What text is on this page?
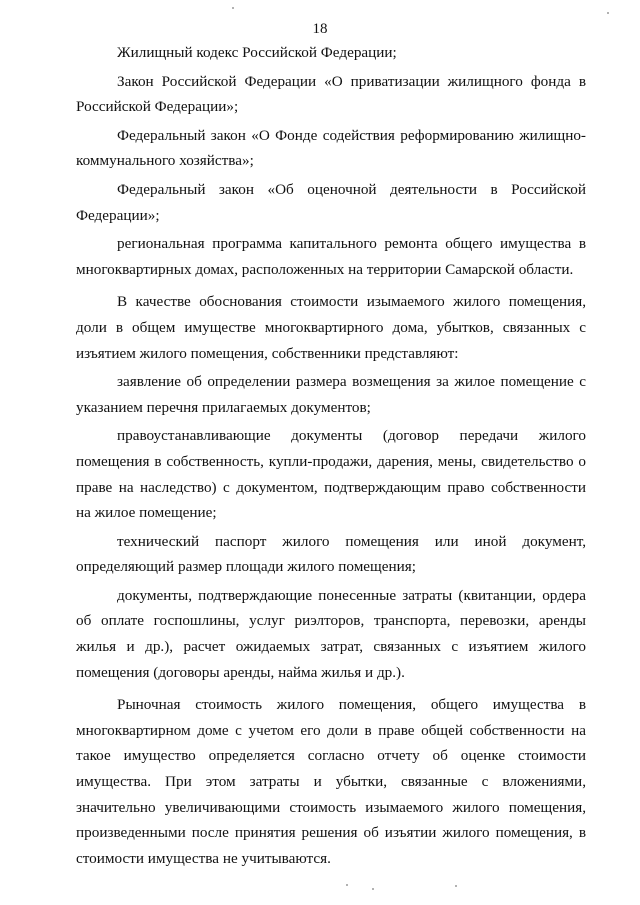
18

Жилищный кодекс Российской Федерации;

Закон Российской Федерации «О приватизации жилищного фонда в Российской Федерации»;

Федеральный закон «О Фонде содействия реформированию жилищно-коммунального хозяйства»;

Федеральный закон «Об оценочной деятельности в Российской Федерации»;

региональная программа капитального ремонта общего имущества в многоквартирных домах, расположенных на территории Самарской области.

В качестве обоснования стоимости изымаемого жилого помещения, доли в общем имуществе многоквартирного дома, убытков, связанных с изъятием жилого помещения, собственники представляют:

заявление об определении размера возмещения за жилое помещение с указанием перечня прилагаемых документов;

правоустанавливающие документы (договор передачи жилого помещения в собственность, купли-продажи, дарения, мены, свидетельство о праве на наследство) с документом, подтверждающим право собственности на жилое помещение;

технический паспорт жилого помещения или иной документ, определяющий размер площади жилого помещения;

документы, подтверждающие понесенные затраты (квитанции, ордера об оплате госпошлины, услуг риэлторов, транспорта, перевозки, аренды жилья и др.), расчет ожидаемых затрат, связанных с изъятием жилого помещения (договоры аренды, найма жилья и др.).

Рыночная стоимость жилого помещения, общего имущества в многоквартирном доме с учетом его доли в праве общей собственности на такое имущество определяется согласно отчету об оценке стоимости имущества. При этом затраты и убытки, связанные с вложениями, значительно увеличивающими стоимость изымаемого жилого помещения, произведенными после принятия решения об изъятии жилого помещения, в стоимости имущества не учитываются.
